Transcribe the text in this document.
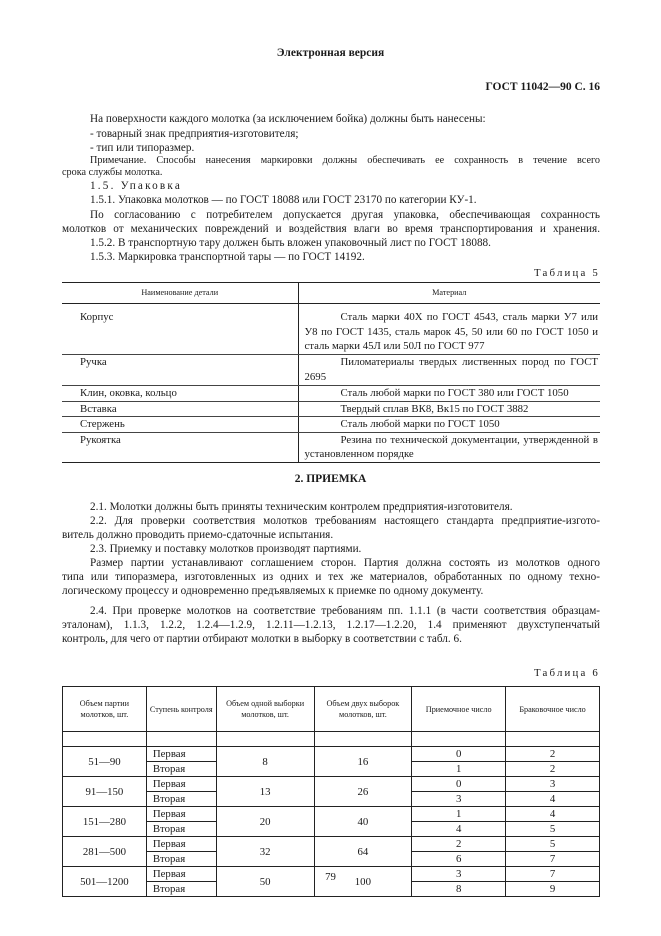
Электронная версия
ГОСТ 11042—90 С. 16
На поверхности каждого молотка (за исключением бойка) должны быть нанесены:
- товарный знак предприятия-изготовителя;
- тип или типоразмер.
Примечание. Способы нанесения маркировки должны обеспечивать ее сохранность в течение всего
срока службы молотка.
1.5. Упаковка
1.5.1. Упаковка молотков — по ГОСТ 18088 или ГОСТ 23170 по категории КУ-1.
По согласованию с потребителем допускается другая упаковка, обеспечивающая сохранность
молотков от механических повреждений и воздействия влаги во время транспортирования и хранения.
1.5.2. В транспортную тару должен быть вложен упаковочный лист по ГОСТ 18088.
1.5.3. Маркировка транспортной тары — по ГОСТ 14192.
Таблица 5
Наименование детали	Материал

Корпус	Сталь марки 40Х по ГОСТ 4543, сталь марки У7 или У8 по ГОСТ 1435, сталь марок 45, 50 или 60 по ГОСТ 1050 и сталь марки 45Л или 50Л по ГОСТ 977
Ручка	Пиломатериалы твердых лиственных пород по ГОСТ 2695
Клин, оковка, кольцо	Сталь любой марки по ГОСТ 380 или ГОСТ 1050
Вставка	Твердый сплав ВК8, Вк15 по ГОСТ 3882
Стержень	Сталь любой марки по ГОСТ 1050
Рукоятка	Резина по технической документации, утвержденной в установленном порядке
2. ПРИЕМКА
2.1. Молотки должны быть приняты техническим контролем предприятия-изготовителя.
2.2. Для проверки соответствия молотков требованиям настоящего стандарта предприятие-изгото-
витель должно проводить приемо-сдаточные испытания.
2.3. Приемку и поставку молотков производят партиями.
Размер партии устанавливают соглашением сторон. Партия должна состоять из молотков одного
типа или типоразмера, изготовленных из одних и тех же материалов, обработанных по одному техно-
логическому процессу и одновременно предъявляемых к приемке по одному документу.
2.4. При проверке молотков на соответствие требованиям пп. 1.1.1 (в части соответствия образцам-
эталонам), 1.1.3, 1.2.2, 1.2.4—1.2.9, 1.2.11—1.2.13, 1.2.17—1.2.20, 1.4 применяют двухступенчатый
контроль, для чего от партии отбирают молотки в выборку в соответствии с табл. 6.
Таблица 6
Объем партии молотков, шт.	Ступень контроля	Объем одной выборки молотков, шт.	Объем двух выборок молотков, шт.	Приемочное число	Браковочное число

51—90	Первая	8	16	0	2
	Вторая			1	2
91—150	Первая	13	26	0	3
	Вторая			3	4
151—280	Первая	20	40	1	4
	Вторая			4	5
281—500	Первая	32	64	2	5
	Вторая			6	7
501—1200	Первая	50	100	3	7
	Вторая			8	9
79
